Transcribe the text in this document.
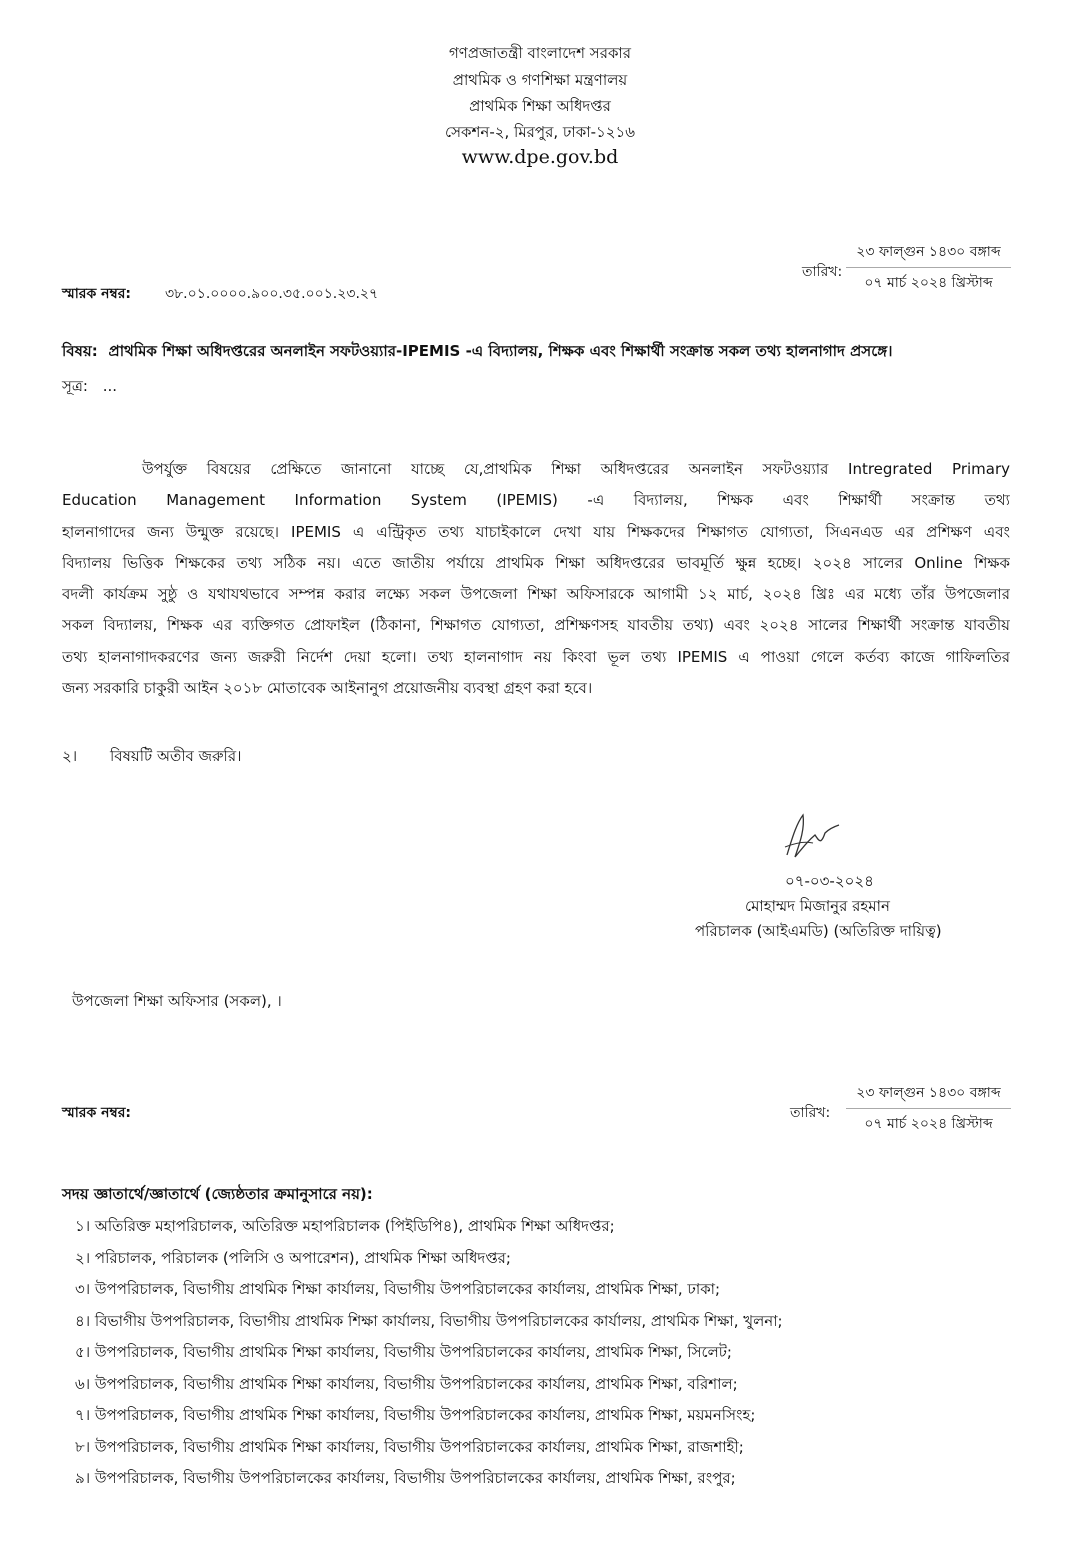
গণপ্রজাতন্ত্রী বাংলাদেশ সরকার
প্রাথমিক ও গণশিক্ষা মন্ত্রণালয়
প্রাথমিক শিক্ষা অধিদপ্তর
সেকশন-২, মিরপুর, ঢাকা-১২১৬
www.dpe.gov.bd
তারিখ:
২৩ ফাল্গুন ১৪৩০ বঙ্গাব্দ
০৭ মার্চ ২০২৪ খ্রিস্টাব্দ
স্মারক নম্বর: ৩৮.০১.০০০০.৯০০.৩৫.০০১.২৩.২৭
বিষয়: প্রাথমিক শিক্ষা অধিদপ্তরের অনলাইন সফটওয়্যার-IPEMIS -এ বিদ্যালয়, শিক্ষক এবং শিক্ষার্থী সংক্রান্ত সকল তথ্য হালনাগাদ প্রসঙ্গে।
সূত্র: ...
উপর্যুক্ত বিষয়ের প্রেক্ষিতে জানানো যাচ্ছে যে,প্রাথমিক শিক্ষা অধিদপ্তরের অনলাইন সফটওয়্যার Intregrated Primary
Education Management Information System (IPEMIS) -এ বিদ্যালয়, শিক্ষক এবং শিক্ষার্থী সংক্রান্ত তথ্য
হালনাগাদের জন্য উন্মুক্ত রয়েছে। IPEMIS এ এন্ট্রিকৃত তথ্য যাচাইকালে দেখা যায় শিক্ষকদের শিক্ষাগত যোগ্যতা, সিএনএড এর প্রশিক্ষণ এবং
বিদ্যালয় ভিত্তিক শিক্ষকের তথ্য সঠিক নয়। এতে জাতীয় পর্যায়ে প্রাথমিক শিক্ষা অধিদপ্তরের ভাবমূর্তি ক্ষুন্ন হচ্ছে। ২০২৪ সালের Online শিক্ষক
বদলী কার্যক্রম সুষ্ঠু ও যথাযথভাবে সম্পন্ন করার লক্ষ্যে সকল উপজেলা শিক্ষা অফিসারকে আগামী ১২ মার্চ, ২০২৪ খ্রিঃ এর মধ্যে তাঁর উপজেলার
সকল বিদ্যালয়, শিক্ষক এর ব্যক্তিগত প্রোফাইল (ঠিকানা, শিক্ষাগত যোগ্যতা, প্রশিক্ষণসহ যাবতীয় তথ্য) এবং ২০২৪ সালের শিক্ষার্থী সংক্রান্ত যাবতীয়
তথ্য হালনাগাদকরণের জন্য জরুরী নির্দেশ দেয়া হলো। তথ্য হালনাগাদ নয় কিংবা ভূল তথ্য IPEMIS এ পাওয়া গেলে কর্তব্য কাজে গাফিলতির
জন্য সরকারি চাকুরী আইন ২০১৮ মোতাবেক আইনানুগ প্রয়োজনীয় ব্যবস্থা গ্রহণ করা হবে।
২। বিষয়টি অতীব জরুরি।
০৭-০৩-২০২৪
মোহাম্মদ মিজানুর রহমান
পরিচালক (আইএমডি) (অতিরিক্ত দায়িত্ব)
উপজেলা শিক্ষা অফিসার (সকল), ।
তারিখ:
২৩ ফাল্গুন ১৪৩০ বঙ্গাব্দ
০৭ মার্চ ২০২৪ খ্রিস্টাব্দ
স্মারক নম্বর:
সদয় জ্ঞাতার্থে/জ্ঞাতার্থে (জ্যেষ্ঠতার ক্রমানুসারে নয়):
১। অতিরিক্ত মহাপরিচালক, অতিরিক্ত মহাপরিচালক (পিইডিপি৪), প্রাথমিক শিক্ষা অধিদপ্তর;
২। পরিচালক, পরিচালক (পলিসি ও অপারেশন), প্রাথমিক শিক্ষা অধিদপ্তর;
৩। উপপরিচালক, বিভাগীয় প্রাথমিক শিক্ষা কার্যালয়, বিভাগীয় উপপরিচালকের কার্যালয়, প্রাথমিক শিক্ষা, ঢাকা;
৪। বিভাগীয় উপপরিচালক, বিভাগীয় প্রাথমিক শিক্ষা কার্যালয়, বিভাগীয় উপপরিচালকের কার্যালয়, প্রাথমিক শিক্ষা, খুলনা;
৫। উপপরিচালক, বিভাগীয় প্রাথমিক শিক্ষা কার্যালয়, বিভাগীয় উপপরিচালকের কার্যালয়, প্রাথমিক শিক্ষা, সিলেট;
৬। উপপরিচালক, বিভাগীয় প্রাথমিক শিক্ষা কার্যালয়, বিভাগীয় উপপরিচালকের কার্যালয়, প্রাথমিক শিক্ষা, বরিশাল;
৭। উপপরিচালক, বিভাগীয় প্রাথমিক শিক্ষা কার্যালয়, বিভাগীয় উপপরিচালকের কার্যালয়, প্রাথমিক শিক্ষা, ময়মনসিংহ;
৮। উপপরিচালক, বিভাগীয় প্রাথমিক শিক্ষা কার্যালয়, বিভাগীয় উপপরিচালকের কার্যালয়, প্রাথমিক শিক্ষা, রাজশাহী;
৯। উপপরিচালক, বিভাগীয় উপপরিচালকের কার্যালয়, বিভাগীয় উপপরিচালকের কার্যালয়, প্রাথমিক শিক্ষা, রংপুর;
